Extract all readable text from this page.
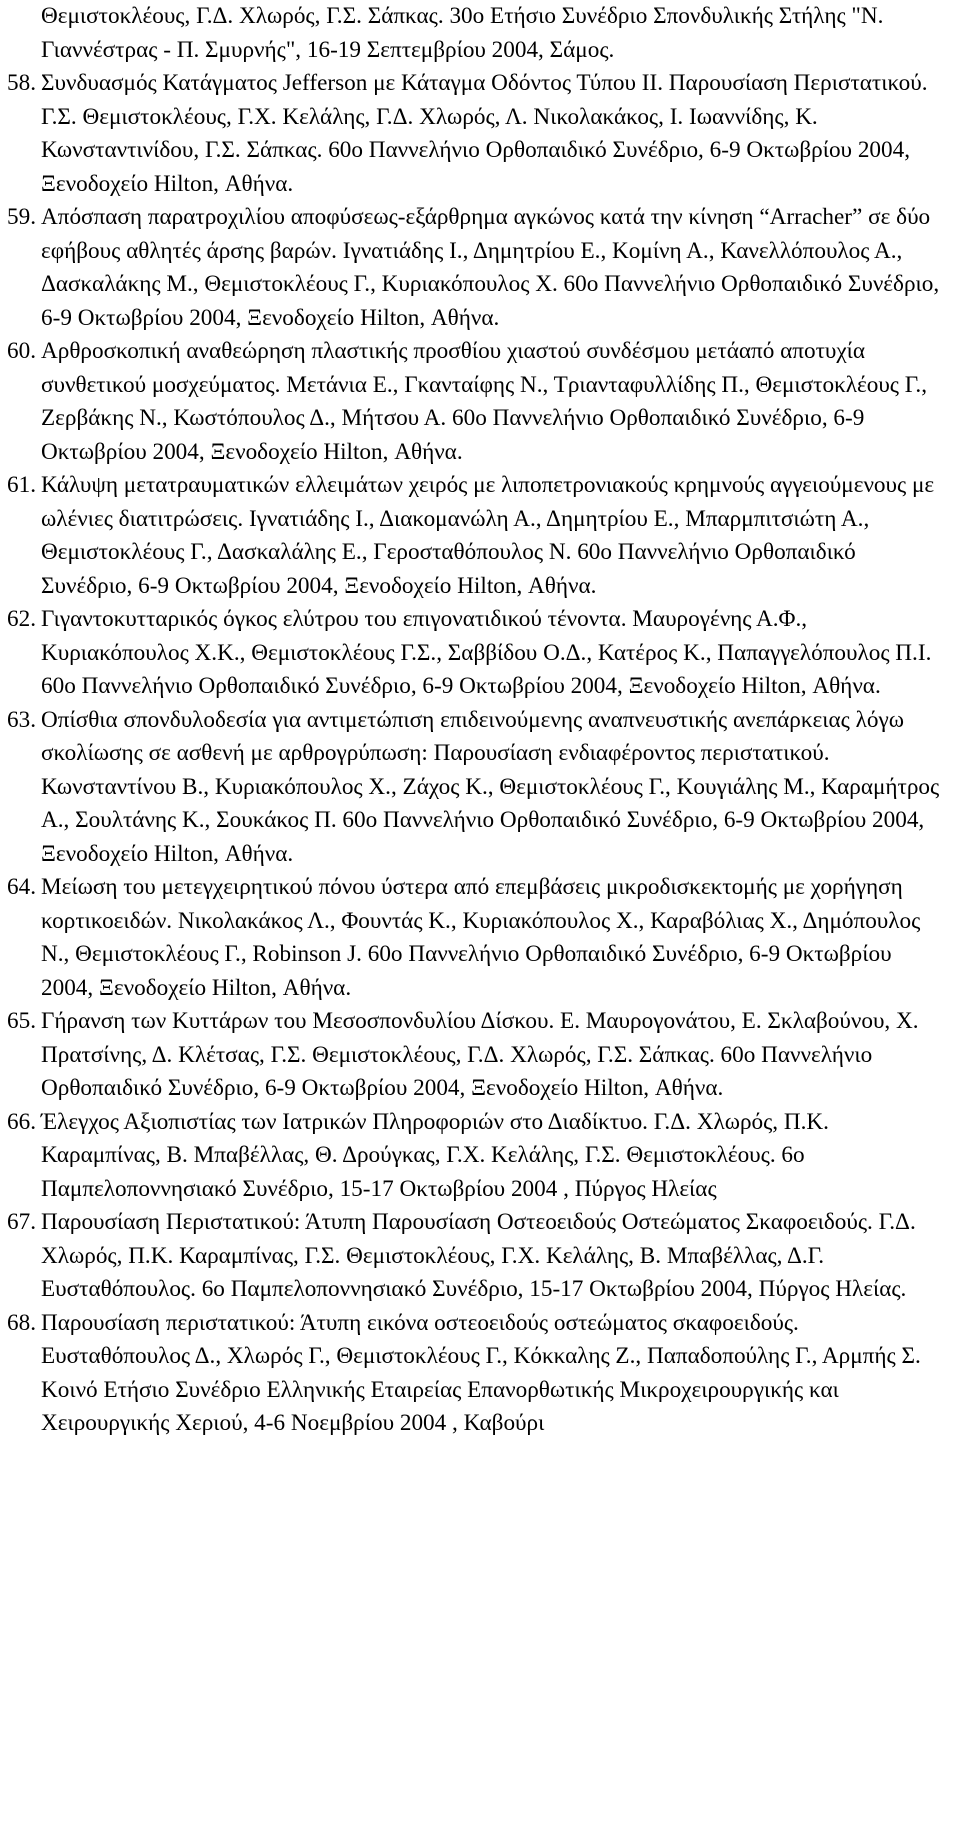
Θεμιστοκλέους, Γ.Δ. Χλωρός, Γ.Σ. Σάπκας. 30ο Ετήσιο Συνέδριο Σπονδυλικής Στήλης "Ν. Γιαννέστρας - Π. Σμυρνής", 16-19 Σεπτεμβρίου 2004, Σάμος.

58. Συνδυασμός Κατάγματος Jefferson με Κάταγμα Οδόντος Τύπου ΙΙ. Παρουσίαση Περιστατικού. Γ.Σ. Θεμιστοκλέους, Γ.Χ. Κελάλης, Γ.Δ. Χλωρός, Λ. Νικολακάκος, Ι. Ιωαννίδης, Κ. Κωνσταντινίδου, Γ.Σ. Σάπκας. 60ο Παννελήνιο Ορθοπαιδικό Συνέδριο, 6-9 Οκτωβρίου 2004, Ξενοδοχείο Hilton, Αθήνα.
59. Απόσπαση παρατροχιλίου αποφύσεως-εξάρθρημα αγκώνος κατά την κίνηση “Arracher” σε δύο εφήβους αθλητές άρσης βαρών. Ιγνατιάδης Ι., Δημητρίου Ε., Κομίνη Α., Κανελλόπουλος Α., Δασκαλάκης Μ., Θεμιστοκλέους Γ., Κυριακόπουλος Χ. 60ο Παννελήνιο Ορθοπαιδικό Συνέδριο, 6-9 Οκτωβρίου 2004, Ξενοδοχείο Hilton, Αθήνα.
60. Αρθροσκοπική αναθεώρηση πλαστικής προσθίου χιαστού συνδέσμου μετάαπό αποτυχία συνθετικού μοσχεύματος. Μετάνια Ε., Γκανταίφης Ν., Τριανταφυλλίδης Π., Θεμιστοκλέους Γ., Ζερβάκης Ν., Κωστόπουλος Δ., Μήτσου Α. 60ο Παννελήνιο Ορθοπαιδικό Συνέδριο, 6-9 Οκτωβρίου 2004, Ξενοδοχείο Hilton, Αθήνα.
61. Κάλυψη μετατραυματικών ελλειμάτων χειρός με λιποπετρονιακούς κρημνούς αγγειούμενους με ωλένιες διατιτρώσεις. Ιγνατιάδης Ι., Διακομανώλη Α., Δημητρίου Ε., Μπαρμπιτσιώτη Α., Θεμιστοκλέους Γ., Δασκαλάλης Ε., Γεροσταθόπουλος Ν. 60ο Παννελήνιο Ορθοπαιδικό Συνέδριο, 6-9 Οκτωβρίου 2004, Ξενοδοχείο Hilton, Αθήνα.
62. Γιγαντοκυτταρικός όγκος ελύτρου του επιγονατιδικού τένοντα. Μαυρογένης Α.Φ., Κυριακόπουλος Χ.Κ., Θεμιστοκλέους Γ.Σ., Σαββίδου Ο.Δ., Κατέρος Κ., Παπαγγελόπουλος Π.Ι. 60ο Παννελήνιο Ορθοπαιδικό Συνέδριο, 6-9 Οκτωβρίου 2004, Ξενοδοχείο Hilton, Αθήνα.
63. Οπίσθια σπονδυλοδεσία για αντιμετώπιση επιδεινούμενης αναπνευστικής ανεπάρκειας λόγω σκολίωσης σε ασθενή με αρθρογρύπωση: Παρουσίαση ενδιαφέροντος περιστατικού. Κωνσταντίνου Β., Κυριακόπουλος Χ., Ζάχος Κ., Θεμιστοκλέους Γ., Κουγιάλης Μ., Καραμήτρος Α., Σουλτάνης Κ., Σουκάκος Π. 60ο Παννελήνιο Ορθοπαιδικό Συνέδριο, 6-9 Οκτωβρίου 2004, Ξενοδοχείο Hilton, Αθήνα.
64. Μείωση του μετεγχειρητικού πόνου ύστερα από επεμβάσεις μικροδισκεκτομής με χορήγηση κορτικοειδών. Νικολακάκος Λ., Φουντάς Κ., Κυριακόπουλος Χ., Καραβόλιας Χ., Δημόπουλος Ν., Θεμιστοκλέους Γ., Robinson J. 60ο Παννελήνιο Ορθοπαιδικό Συνέδριο, 6-9 Οκτωβρίου 2004, Ξενοδοχείο Hilton, Αθήνα.
65. Γήρανση των Κυττάρων του Μεσοσπονδυλίου Δίσκου. Ε. Μαυρογονάτου, Ε. Σκλαβούνου, Χ. Πρατσίνης, Δ. Κλέτσας, Γ.Σ. Θεμιστοκλέους, Γ.Δ. Χλωρός, Γ.Σ. Σάπκας. 60ο Παννελήνιο Ορθοπαιδικό Συνέδριο, 6-9 Οκτωβρίου 2004, Ξενοδοχείο Hilton, Αθήνα.
66. Έλεγχος Αξιοπιστίας των Ιατρικών Πληροφοριών στο Διαδίκτυο. Γ.Δ. Χλωρός, Π.Κ. Καραμπίνας, Β. Μπαβέλλας, Θ. Δρούγκας, Γ.Χ. Κελάλης, Γ.Σ. Θεμιστοκλέους. 6ο Παμπελοποννησιακό Συνέδριο, 15-17 Οκτωβρίου 2004 , Πύργος Ηλείας
67. Παρουσίαση Περιστατικού: Άτυπη Παρουσίαση Οστεοειδούς Οστεώματος Σκαφοειδούς. Γ.Δ. Χλωρός, Π.Κ. Καραμπίνας, Γ.Σ. Θεμιστοκλέους, Γ.Χ. Κελάλης, Β. Μπαβέλλας, Δ.Γ. Ευσταθόπουλος. 6ο Παμπελοποννησιακό Συνέδριο, 15-17 Οκτωβρίου 2004, Πύργος Ηλείας.
68. Παρουσίαση περιστατικού: Άτυπη εικόνα οστεοειδούς οστεώματος σκαφοειδούς. Ευσταθόπουλος Δ., Χλωρός Γ., Θεμιστοκλέους Γ., Κόκκαλης Ζ., Παπαδοπούλης Γ., Αρμπής Σ. Κοινό Ετήσιο Συνέδριο Ελληνικής Εταιρείας Επανορθωτικής Μικροχειρουργικής και Χειρουργικής Χεριού, 4-6 Νοεμβρίου 2004 , Καβούρι
